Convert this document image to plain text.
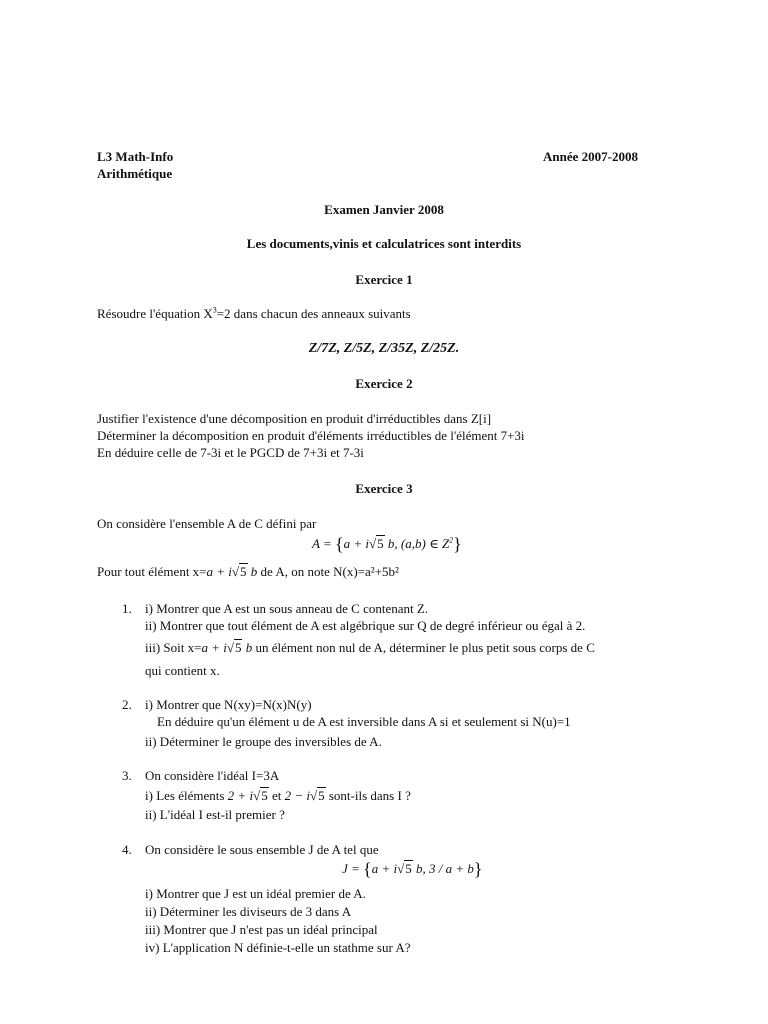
L3 Math-Info
Arithmétique
Année 2007-2008
Examen Janvier 2008
Les documents,vinis et calculatrices sont interdits
Exercice 1
Résoudre l'équation $X^3=2$ dans chacun des anneaux suivants
Z/7Z, Z/5Z, Z/35Z, Z/25Z.
Exercice 2
Justifier l'existence d'une décomposition en produit d'irréductibles dans Z[i]
Déterminer la décomposition en produit d'éléments irréductibles de l'élément 7+3i
En déduire celle de 7-3i et le PGCD de 7+3i et 7-3i
Exercice 3
On considère l'ensemble A de C défini par
A = {a + i√5 b, (a,b) ∈ $Z^2$}
Pour tout élément x=a + i√5 b de A, on note N(x)=a²+5b²
1. i) Montrer que A est un sous anneau de C contenant Z.
ii) Montrer que tout élément de A est algébrique sur Q de degré inférieur ou égal à 2.
iii) Soit x=a + i√5 b un élément non nul de A, déterminer le plus petit sous corps de C
qui contient x.
2. i) Montrer que N(xy)=N(x)N(y)
En déduire qu'un élément u de A est inversible dans A si et seulement si N(u)=1
ii) Déterminer le groupe des inversibles de A.
3. On considère l'idéal I=3A
i) Les éléments 2 + i√5 et 2 − i√5 sont-ils dans I ?
ii) L'idéal I est-il premier ?
4. On considère le sous ensemble J de A tel que
J = {a + i√5 b, 3 / a + b}
i) Montrer que J est un idéal premier de A.
ii) Déterminer les diviseurs de 3 dans A
iii) Montrer que J n'est pas un idéal principal
iv) L'application N définie-t-elle un stathme sur A?
